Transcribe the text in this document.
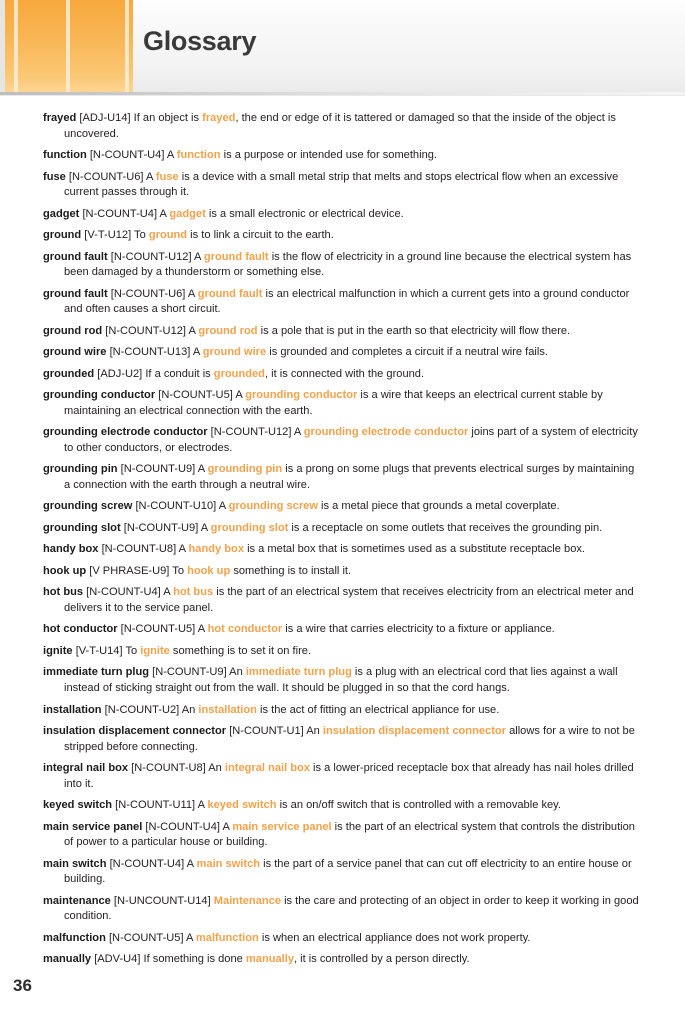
Glossary

frayed [ADJ-U14] If an object is frayed, the end or edge of it is tattered or damaged so that the inside of the object is uncovered.

function [N-COUNT-U4] A function is a purpose or intended use for something.

fuse [N-COUNT-U6] A fuse is a device with a small metal strip that melts and stops electrical flow when an excessive current passes through it.

gadget [N-COUNT-U4] A gadget is a small electronic or electrical device.

ground [V-T-U12] To ground is to link a circuit to the earth.

ground fault [N-COUNT-U12] A ground fault is the flow of electricity in a ground line because the electrical system has been damaged by a thunderstorm or something else.

ground fault [N-COUNT-U6] A ground fault is an electrical malfunction in which a current gets into a ground conductor and often causes a short circuit.

ground rod [N-COUNT-U12] A ground rod is a pole that is put in the earth so that electricity will flow there.

ground wire [N-COUNT-U13] A ground wire is grounded and completes a circuit if a neutral wire fails.

grounded [ADJ-U2] If a conduit is grounded, it is connected with the ground.

grounding conductor [N-COUNT-U5] A grounding conductor is a wire that keeps an electrical current stable by maintaining an electrical connection with the earth.

grounding electrode conductor [N-COUNT-U12] A grounding electrode conductor joins part of a system of electricity to other conductors, or electrodes.

grounding pin [N-COUNT-U9] A grounding pin is a prong on some plugs that prevents electrical surges by maintaining a connection with the earth through a neutral wire.

grounding screw [N-COUNT-U10] A grounding screw is a metal piece that grounds a metal coverplate.

grounding slot [N-COUNT-U9] A grounding slot is a receptacle on some outlets that receives the grounding pin.

handy box [N-COUNT-U8] A handy box is a metal box that is sometimes used as a substitute receptacle box.

hook up [V PHRASE-U9] To hook up something is to install it.

hot bus [N-COUNT-U4] A hot bus is the part of an electrical system that receives electricity from an electrical meter and delivers it to the service panel.

hot conductor [N-COUNT-U5] A hot conductor is a wire that carries electricity to a fixture or appliance.

ignite [V-T-U14] To ignite something is to set it on fire.

immediate turn plug [N-COUNT-U9] An immediate turn plug is a plug with an electrical cord that lies against a wall instead of sticking straight out from the wall. It should be plugged in so that the cord hangs.

installation [N-COUNT-U2] An installation is the act of fitting an electrical appliance for use.

insulation displacement connector [N-COUNT-U1] An insulation displacement connector allows for a wire to not be stripped before connecting.

integral nail box [N-COUNT-U8] An integral nail box is a lower-priced receptacle box that already has nail holes drilled into it.

keyed switch [N-COUNT-U11] A keyed switch is an on/off switch that is controlled with a removable key.

main service panel [N-COUNT-U4] A main service panel is the part of an electrical system that controls the distribution of power to a particular house or building.

main switch [N-COUNT-U4] A main switch is the part of a service panel that can cut off electricity to an entire house or building.

maintenance [N-UNCOUNT-U14] Maintenance is the care and protecting of an object in order to keep it working in good condition.

malfunction [N-COUNT-U5] A malfunction is when an electrical appliance does not work property.

manually [ADV-U4] If something is done manually, it is controlled by a person directly.

36
